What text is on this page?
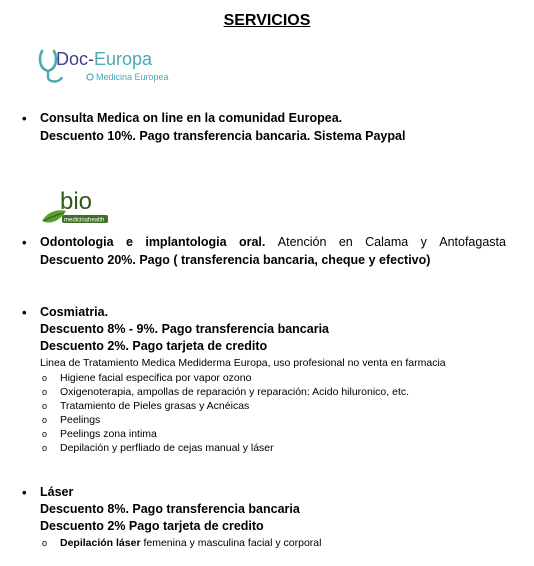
SERVICIOS
Doc-Europa
Medicina Europea
• Consulta Medica on line en la comunidad Europea.
Descuento 10%. Pago transferencia bancaria. Sistema Paypal
bio
medicinahealth
• Odontologia e implantologia oral. Atención en Calama y Antofagasta
Descuento 20%. Pago ( transferencia bancaria, cheque y efectivo)
• Cosmiatria.
Descuento 8% - 9%. Pago transferencia bancaria
Descuento 2%. Pago tarjeta de credito
Linea de Tratamiento Medica Mediderma Europa, uso profesional no venta en farmacia
o Higiene facial especifica por vapor ozono
o Oxigenoterapia, ampollas de reparación y reparación: Acido hiluronico, etc.
o Tratamiento de Pieles grasas y Acnéicas
o Peelings
o Peelings zona intima
o Depilación y perfliado de cejas manual y láser
• Láser
Descuento 8%. Pago transferencia bancaria
Descuento 2% Pago tarjeta de credito
o Depilación láser femenina y masculina facial y corporal
